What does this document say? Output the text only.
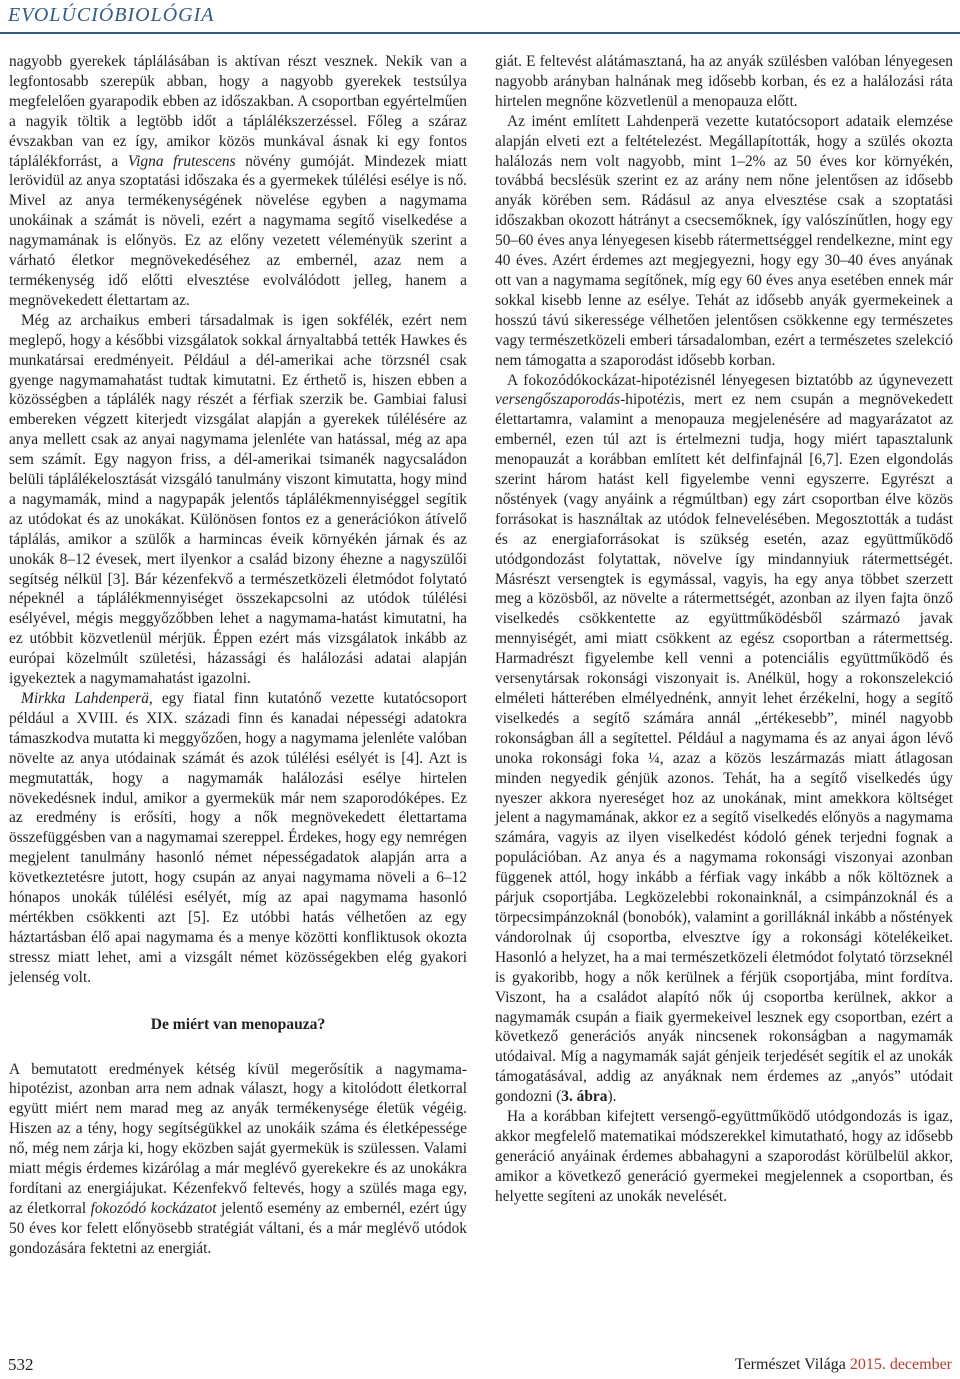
EVOLÚCIÓBIOLÓGIA

nagyobb gyerekek táplálásában is aktívan részt vesznek. Nekik van a legfontosabb szerepük abban, hogy a nagyobb gyerekek testsúlya megfelelően gyarapodik ebben az időszakban. A csoportban egyértelműen a nagyik töltik a legtöbb időt a táplálékszerzéssel. Főleg a száraz évszakban van ez így, amikor közös munkával ásnak ki egy fontos táplálékforrást, a Vigna frutescens növény gumóját. Mindezek miatt lerövidül az anya szoptatási időszaka és a gyermekek túlélési esélye is nő. Mivel az anya termékenységének növelése egyben a nagymama unokáinak a számát is növeli, ezért a nagymama segítő viselkedése a nagymamának is előnyös. Ez az előny vezetett véleményük szerint a várható életkor megnövekedéséhez az embernél, azaz nem a termékenység idő előtti elvesztése evolválódott jelleg, hanem a megnövekedett élettartam az.

Még az archaikus emberi társadalmak is igen sokfélék, ezért nem meglepő, hogy a későbbi vizsgálatok sokkal árnyaltabbá tették Hawkes és munkatársai eredményeit. Például a dél-amerikai ache törzsnél csak gyenge nagymamahatást tudtak kimutatni. Ez érthető is, hiszen ebben a közösségben a táplálék nagy részét a férfiak szerzik be. Gambiai falusi embereken végzett kiterjedt vizsgálat alapján a gyerekek túlélésére az anya mellett csak az anyai nagymama jelenléte van hatással, még az apa sem számít. Egy nagyon friss, a dél-amerikai tsimanék nagycsaládon belüli táplálékelosztását vizsgáló tanulmány viszont kimutatta, hogy mind a nagymamák, mind a nagypapák jelentős táplálékmennyiséggel segítik az utódokat és az unokákat. Különösen fontos ez a generációkon átívelő táplálás, amikor a szülők a harmincas éveik környékén járnak és az unokák 8–12 évesek, mert ilyenkor a család bizony éhezne a nagyszülői segítség nélkül [3]. Bár kézenfekvő a természetközeli életmódot folytató népeknél a táplálékmennyiséget összekapcsolni az utódok túlélési esélyével, mégis meggyőzőbben lehet a nagymama-hatást kimutatni, ha ez utóbbit közvetlenül mérjük. Éppen ezért más vizsgálatok inkább az európai közelmúlt születési, házassági és halálozási adatai alapján igyekeztek a nagymamahatást igazolni.

Mirkka Lahdenperä, egy fiatal finn kutatónő vezette kutatócsoport például a XVIII. és XIX. századi finn és kanadai népességi adatokra támaszkodva mutatta ki meggyőzően, hogy a nagymama jelenléte valóban növelte az anya utódainak számát és azok túlélési esélyét is [4]. Azt is megmutatták, hogy a nagymamák halálozási esélye hirtelen növekedésnek indul, amikor a gyermekük már nem szaporodóképes. Ez az eredmény is erősíti, hogy a nők megnövekedett élettartama összefüggésben van a nagymamai szereppel. Érdekes, hogy egy nemrégen megjelent tanulmány hasonló német népességadatok alapján arra a következtetésre jutott, hogy csupán az anyai nagymama növeli a 6–12 hónapos unokák túlélési esélyét, míg az apai nagymama hasonló mértékben csökkenti azt [5]. Ez utóbbi hatás vélhetően az egy háztartásban élő apai nagymama és a menye közötti konfliktusok okozta stressz miatt lehet, ami a vizsgált német közösségekben elég gyakori jelenség volt.

De miért van menopauza?

A bemutatott eredmények kétség kívül megerősítik a nagymama-hipotézist, azonban arra nem adnak választ, hogy a kitolódott életkorral együtt miért nem marad meg az anyák termékenysége életük végéig. Hiszen az a tény, hogy segítségükkel az unokáik száma és életképessége nő, még nem zárja ki, hogy eközben saját gyermekük is szülessen. Valami miatt mégis érdemes kizárólag a már meglévő gyerekekre és az unokákra fordítani az energiájukat. Kézenfekvő feltevés, hogy a szülés maga egy, az életkorral fokozódó kockázatot jelentő esemény az embernél, ezért úgy 50 éves kor felett előnyösebb stratégiát váltani, és a már meglévő utódok gondozására fektetni az energiát.

giát. E feltevést alátámasztaná, ha az anyák szülésben valóban lényegesen nagyobb arányban halnának meg idősebb korban, és ez a halálozási ráta hirtelen megnőne közvetlenül a menopauza előtt.

Az imént említett Lahdenperä vezette kutatócsoport adataik elemzése alapján elveti ezt a feltételezést. Megállapították, hogy a szülés okozta halálozás nem volt nagyobb, mint 1–2% az 50 éves kor környékén, továbbá becslésük szerint ez az arány nem nőne jelentősen az idősebb anyák körében sem. Rádásul az anya elvesztése csak a szoptatási időszakban okozott hátrányt a csecsemőknek, így valószínűtlen, hogy egy 50–60 éves anya lényegesen kisebb rátermettséggel rendelkezne, mint egy 40 éves. Azért érdemes azt megjegyezni, hogy egy 30–40 éves anyának ott van a nagymama segítőnek, míg egy 60 éves anya esetében ennek már sokkal kisebb lenne az esélye. Tehát az idősebb anyák gyermekeinek a hosszú távú sikeressége vélhetően jelentősen csökkenne egy természetes vagy természetközeli emberi társadalomban, ezért a természetes szelekció nem támogatta a szaporodást idősebb korban.

A fokozódókockázat-hipotézisnél lényegesen biztatóbb az úgynevezett versengőszaporodás-hipotézis, mert ez nem csupán a megnövekedett élettartamra, valamint a menopauza megjelenésére ad magyarázatot az embernél, ezen túl azt is értelmezni tudja, hogy miért tapasztalunk menopauzát a korábban említett két delfinfajnál [6,7]. Ezen elgondolás szerint három hatást kell figyelembe venni egyszerre. Egyrészt a nőstények (vagy anyáink a régmúltban) egy zárt csoportban élve közös forrásokat is használtak az utódok felnevelésében. Megosztották a tudást és az energiaforrásokat is szükség esetén, azaz együttműködő utódgondozást folytattak, növelve így mindannyiuk rátermettségét. Másrészt versengtek is egymással, vagyis, ha egy anya többet szerzett meg a közösből, az növelte a rátermettségét, azonban az ilyen fajta önző viselkedés csökkentette az együttműködésből származó javak mennyiségét, ami miatt csökkent az egész csoportban a rátermettség. Harmadrészt figyelembe kell venni a potenciális együttműködő és versenytársak rokonsági viszonyait is. Anélkül, hogy a rokonszelekció elméleti hátterében elmélyednénk, annyit lehet érzékelni, hogy a segítő viselkedés a segítő számára annál „értékesebb”, minél nagyobb rokonságban áll a segítettel. Például a nagymama és az anyai ágon lévő unoka rokonsági foka ¼, azaz a közös leszármazás miatt átlagosan minden negyedik génjük azonos. Tehát, ha a segítő viselkedés úgy nyeszer akkora nyereséget hoz az unokának, mint amekkora költséget jelent a nagymamának, akkor ez a segítő viselkedés előnyös a nagymama számára, vagyis az ilyen viselkedést kódoló gének terjedni fognak a populációban. Az anya és a nagymama rokonsági viszonyai azonban függenek attól, hogy inkább a férfiak vagy inkább a nők költöznek a párjuk csoportjába. Legközelebbi rokonainknál, a csimpánzoknál és a törpecsimpánzoknál (bonobók), valamint a gorilláknál inkább a nőstények vándorolnak új csoportba, elvesztve így a rokonsági kötelékeiket. Hasonló a helyzet, ha a mai természetközeli életmódot folytató törzseknél is gyakoribb, hogy a nők kerülnek a férjük csoportjába, mint fordítva. Viszont, ha a családot alapító nők új csoportba kerülnek, akkor a nagymamák csupán a fiaik gyermekeivel lesznek egy csoportban, ezért a következő generációs anyák nincsenek rokonságban a nagymamák utódaival. Míg a nagymamák saját génjeik terjedését segítik el az unokák támogatásával, addig az anyáknak nem érdemes az „anyós” utódait gondozni (3. ábra).

Ha a korábban kifejtett versengő-együttműködő utódgondozás is igaz, akkor megfelelő matematikai módszerekkel kimutatható, hogy az idősebb generáció anyáinak érdemes abbahagyni a szaporodást körülbelül akkor, amikor a következő generáció gyermekei megjelennek a csoportban, és helyette segíteni az unokák nevelését.

532	Természet Világa 2015. december
